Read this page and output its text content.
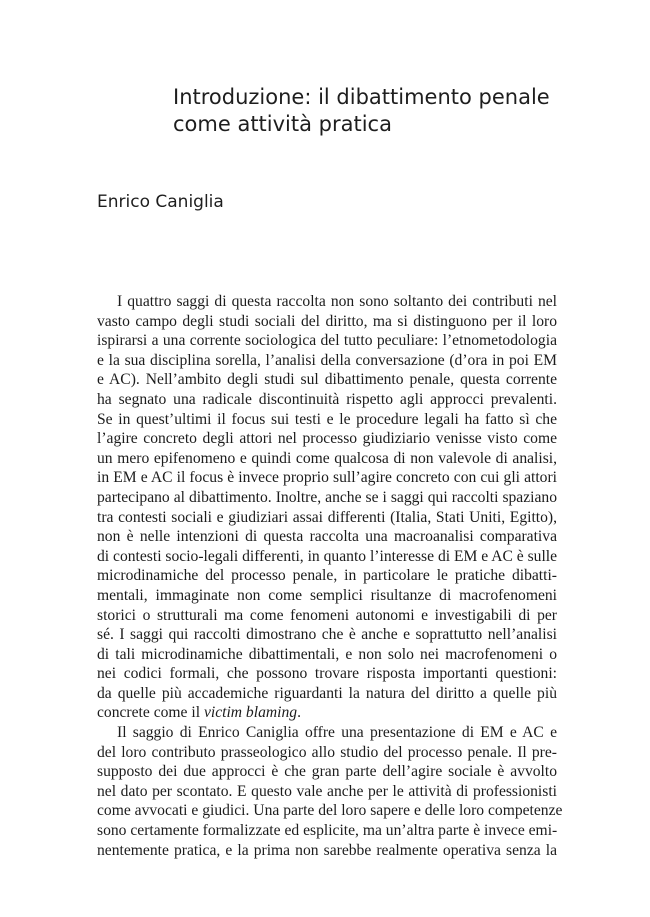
Introduzione: il dibattimento penale
come attività pratica
Enrico Caniglia
I quattro saggi di questa raccolta non sono soltanto dei contributi nel
vasto campo degli studi sociali del diritto, ma si distinguono per il loro
ispirarsi a una corrente sociologica del tutto peculiare: l’etnometodologia
e la sua disciplina sorella, l’analisi della conversazione (d’ora in poi EM
e AC). Nell’ambito degli studi sul dibattimento penale, questa corrente
ha segnato una radicale discontinuità rispetto agli approcci prevalenti.
Se in quest’ultimi il focus sui testi e le procedure legali ha fatto sì che
l’agire concreto degli attori nel processo giudiziario venisse visto come
un mero epifenomeno e quindi come qualcosa di non valevole di analisi,
in EM e AC il focus è invece proprio sull’agire concreto con cui gli attori
partecipano al dibattimento. Inoltre, anche se i saggi qui raccolti spaziano
tra contesti sociali e giudiziari assai differenti (Italia, Stati Uniti, Egitto),
non è nelle intenzioni di questa raccolta una macroanalisi comparativa
di contesti socio-legali differenti, in quanto l’interesse di EM e AC è sulle
microdinamiche del processo penale, in particolare le pratiche dibatti-
mentali, immaginate non come semplici risultanze di macrofenomeni
storici o strutturali ma come fenomeni autonomi e investigabili di per
sé. I saggi qui raccolti dimostrano che è anche e soprattutto nell’analisi
di tali microdinamiche dibattimentali, e non solo nei macrofenomeni o
nei codici formali, che possono trovare risposta importanti questioni:
da quelle più accademiche riguardanti la natura del diritto a quelle più
concrete come il victim blaming.
Il saggio di Enrico Caniglia offre una presentazione di EM e AC e
del loro contributo prasseologico allo studio del processo penale. Il pre-
supposto dei due approcci è che gran parte dell’agire sociale è avvolto
nel dato per scontato. E questo vale anche per le attività di professionisti
come avvocati e giudici. Una parte del loro sapere e delle loro competenze
sono certamente formalizzate ed esplicite, ma un’altra parte è invece emi-
nentemente pratica, e la prima non sarebbe realmente operativa senza la
